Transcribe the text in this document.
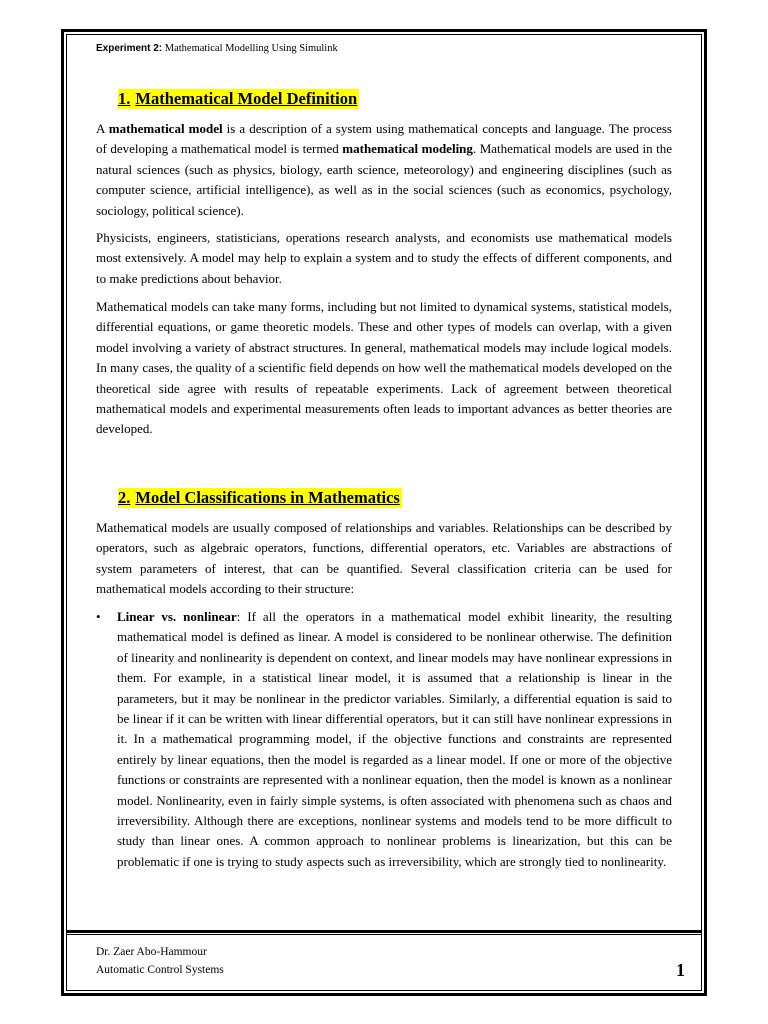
Experiment 2: Mathematical Modelling Using Simulink
1. Mathematical Model Definition

A mathematical model is a description of a system using mathematical concepts and language. The process of developing a mathematical model is termed mathematical modeling. Mathematical models are used in the natural sciences (such as physics, biology, earth science, meteorology) and engineering disciplines (such as computer science, artificial intelligence), as well as in the social sciences (such as economics, psychology, sociology, political science).

Physicists, engineers, statisticians, operations research analysts, and economists use mathematical models most extensively. A model may help to explain a system and to study the effects of different components, and to make predictions about behavior.

Mathematical models can take many forms, including but not limited to dynamical systems, statistical models, differential equations, or game theoretic models. These and other types of models can overlap, with a given model involving a variety of abstract structures. In general, mathematical models may include logical models. In many cases, the quality of a scientific field depends on how well the mathematical models developed on the theoretical side agree with results of repeatable experiments. Lack of agreement between theoretical mathematical models and experimental measurements often leads to important advances as better theories are developed.

2. Model Classifications in Mathematics

Mathematical models are usually composed of relationships and variables. Relationships can be described by operators, such as algebraic operators, functions, differential operators, etc. Variables are abstractions of system parameters of interest, that can be quantified. Several classification criteria can be used for mathematical models according to their structure:

• Linear vs. nonlinear: If all the operators in a mathematical model exhibit linearity, the resulting mathematical model is defined as linear. A model is considered to be nonlinear otherwise. The definition of linearity and nonlinearity is dependent on context, and linear models may have nonlinear expressions in them. For example, in a statistical linear model, it is assumed that a relationship is linear in the parameters, but it may be nonlinear in the predictor variables. Similarly, a differential equation is said to be linear if it can be written with linear differential operators, but it can still have nonlinear expressions in it. In a mathematical programming model, if the objective functions and constraints are represented entirely by linear equations, then the model is regarded as a linear model. If one or more of the objective functions or constraints are represented with a nonlinear equation, then the model is known as a nonlinear model. Nonlinearity, even in fairly simple systems, is often associated with phenomena such as chaos and irreversibility. Although there are exceptions, nonlinear systems and models tend to be more difficult to study than linear ones. A common approach to nonlinear problems is linearization, but this can be problematic if one is trying to study aspects such as irreversibility, which are strongly tied to nonlinearity.

Dr. Zaer Abo-Hammour
Automatic Control Systems	1
